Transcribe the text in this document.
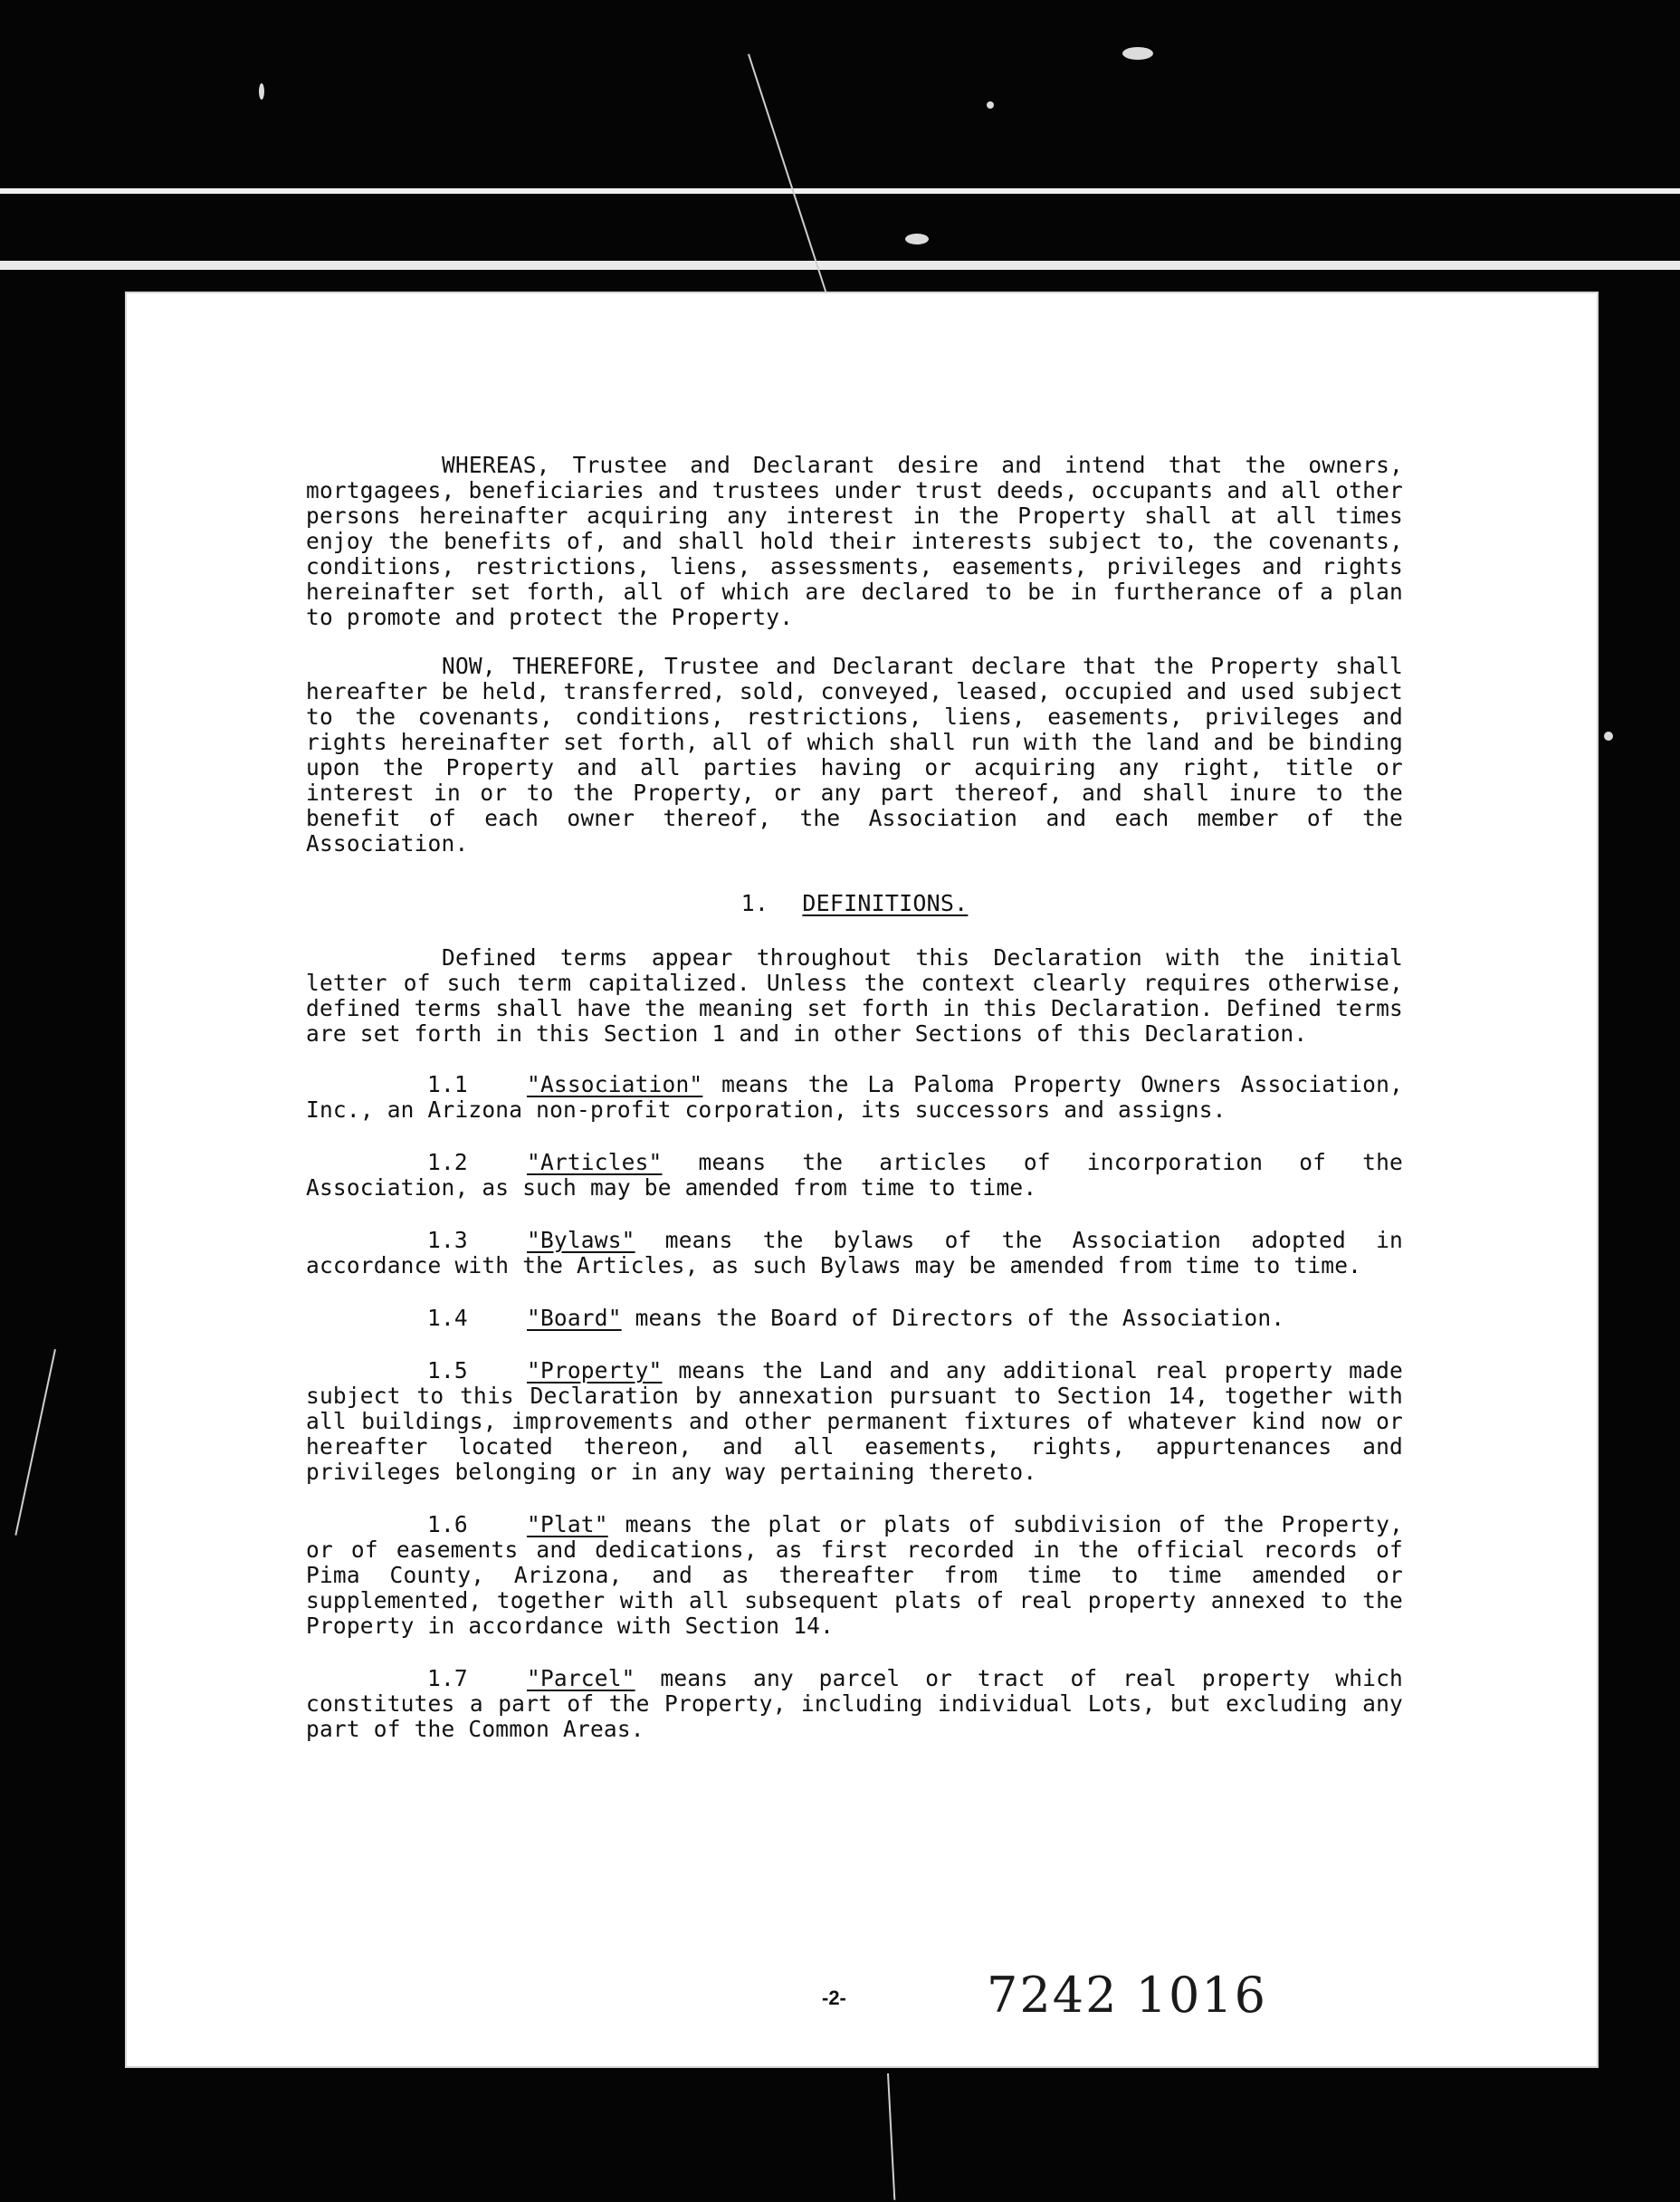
WHEREAS, Trustee and Declarant desire and intend that the owners, mortgagees, beneficiaries and trustees under trust deeds, occupants and all other persons hereinafter acquiring any interest in the Property shall at all times enjoy the benefits of, and shall hold their interests subject to, the covenants, conditions, restrictions, liens, assessments, easements, privileges and rights hereinafter set forth, all of which are declared to be in furtherance of a plan to promote and protect the Property.

NOW, THEREFORE, Trustee and Declarant declare that the Property shall hereafter be held, transferred, sold, conveyed, leased, occupied and used subject to the covenants, conditions, restrictions, liens, easements, privileges and rights hereinafter set forth, all of which shall run with the land and be binding upon the Property and all parties having or acquiring any right, title or interest in or to the Property, or any part thereof, and shall inure to the benefit of each owner thereof, the Association and each member of the Association.

1. DEFINITIONS.

Defined terms appear throughout this Declaration with the initial letter of such term capitalized. Unless the context clearly requires otherwise, defined terms shall have the meaning set forth in this Declaration. Defined terms are set forth in this Section 1 and in other Sections of this Declaration.

1.1	"Association" means the La Paloma Property Owners Association, Inc., an Arizona non-profit corporation, its successors and assigns.

1.2	"Articles" means the articles of incorporation of the Association, as such may be amended from time to time.

1.3	"Bylaws" means the bylaws of the Association adopted in accordance with the Articles, as such Bylaws may be amended from time to time.

1.4	"Board" means the Board of Directors of the Association.

1.5	"Property" means the Land and any additional real property made subject to this Declaration by annexation pursuant to Section 14, together with all buildings, improvements and other permanent fixtures of whatever kind now or hereafter located thereon, and all easements, rights, appurtenances and privileges belonging or in any way pertaining thereto.

1.6	"Plat" means the plat or plats of subdivision of the Property, or of easements and dedications, as first recorded in the official records of Pima County, Arizona, and as thereafter from time to time amended or supplemented, together with all subsequent plats of real property annexed to the Property in accordance with Section 14.

1.7	"Parcel" means any parcel or tract of real property which constitutes a part of the Property, including individual Lots, but excluding any part of the Common Areas.

-2-	7242 1016
